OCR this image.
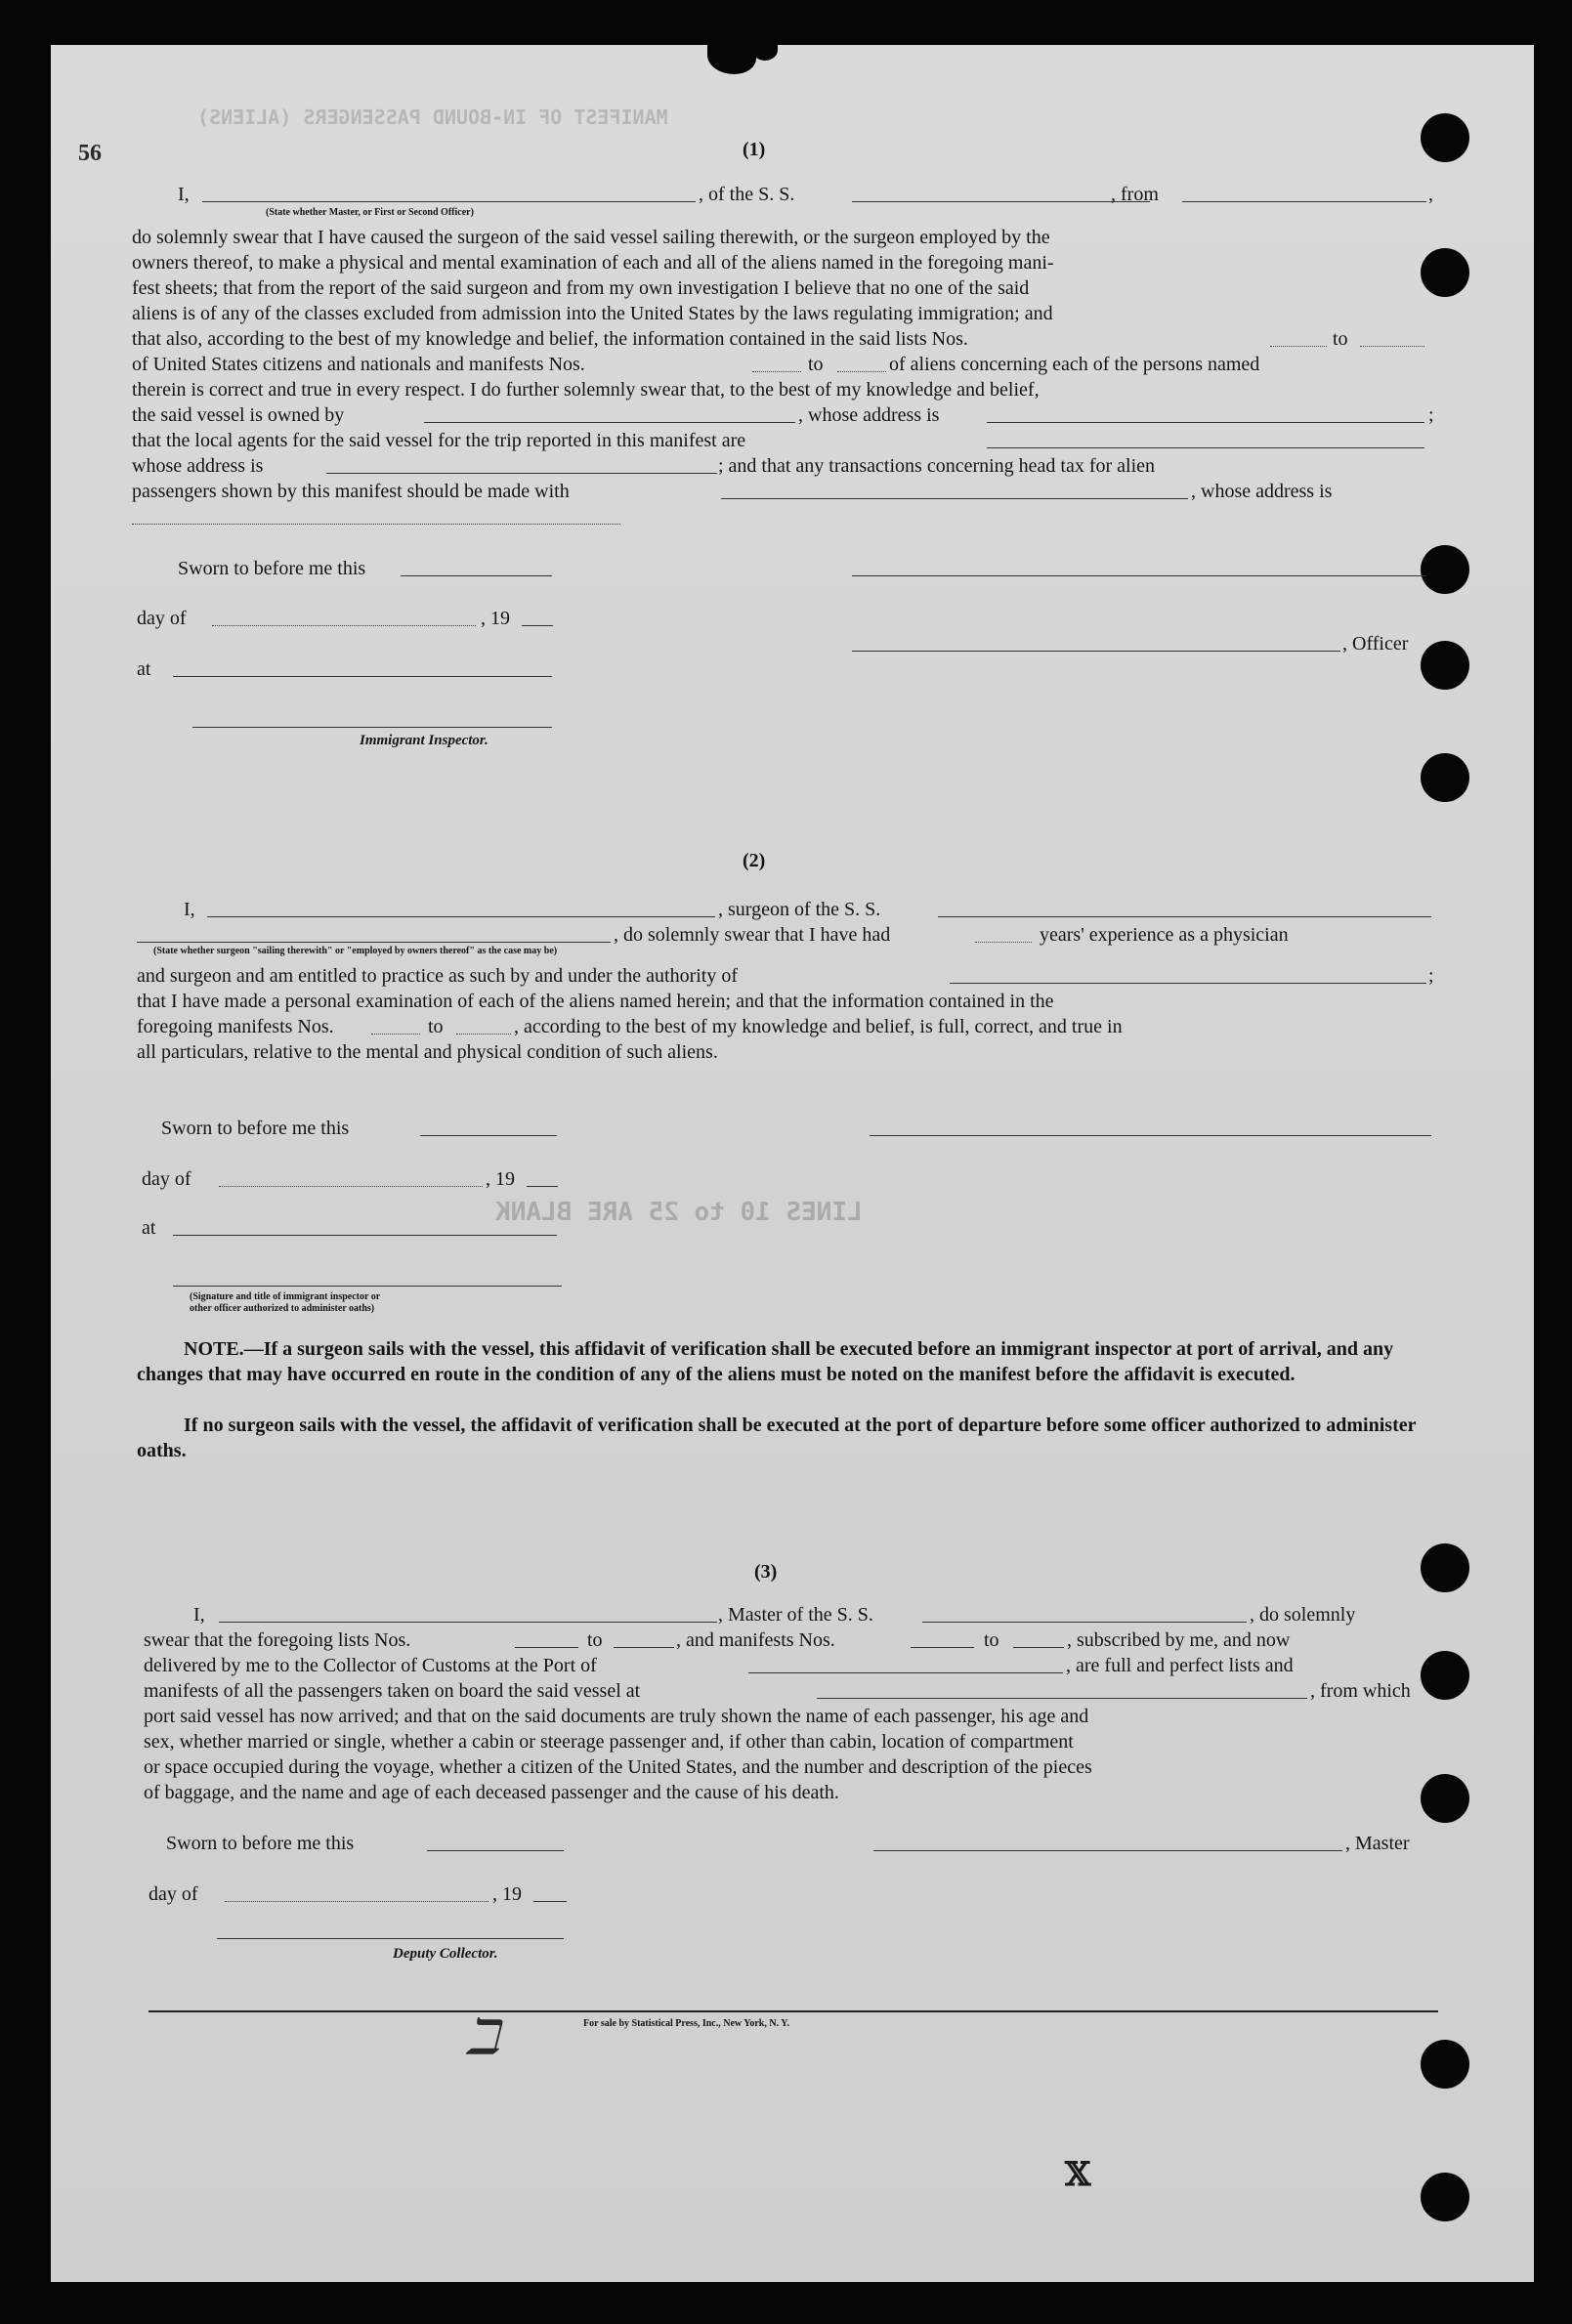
MANIFEST OF IN-BOUND PASSENGERS (ALIENS)
LINES 10 to 25 ARE BLANK
56	(1)
I,	, of the S. S.	, from	,
(State whether Master, or First or Second Officer)
do solemnly swear that I have caused the surgeon of the said vessel sailing therewith, or the surgeon employed by the
owners thereof, to make a physical and mental examination of each and all of the aliens named in the foregoing mani-
fest sheets; that from the report of the said surgeon and from my own investigation I believe that no one of the said
aliens is of any of the classes excluded from admission into the United States by the laws regulating immigration; and
that also, according to the best of my knowledge and belief, the information contained in the said lists Nos.	to
of United States citizens and nationals and manifests Nos.	to	of aliens concerning each of the persons named
therein is correct and true in every respect. I do further solemnly swear that, to the best of my knowledge and belief,
the said vessel is owned by	, whose address is	;
that the local agents for the said vessel for the trip reported in this manifest are
whose address is	; and that any transactions concerning head tax for alien
passengers shown by this manifest should be made with	, whose address is
Sworn to before me this
day of	, 19
, Officer
at
Immigrant Inspector.
(2)
I,	, surgeon of the S. S.
, do solemnly swear that I have had	years' experience as a physician
(State whether surgeon "sailing therewith" or "employed by owners thereof" as the case may be)
and surgeon and am entitled to practice as such by and under the authority of	;
that I have made a personal examination of each of the aliens named herein; and that the information contained in the
foregoing manifests Nos.	to	, according to the best of my knowledge and belief, is full, correct, and true in
all particulars, relative to the mental and physical condition of such aliens.
Sworn to before me this
day of	, 19
at
(Signature and title of immigrant inspector or
other officer authorized to administer oaths)
NOTE.—If a surgeon sails with the vessel, this affidavit of verification shall be executed before an immigrant inspector at port of arrival, and any changes that may have occurred en route in the condition of any of the aliens must be noted on the manifest before the affidavit is executed.
If no surgeon sails with the vessel, the affidavit of verification shall be executed at the port of departure before some officer authorized to administer oaths.
(3)
I,	, Master of the S. S.	, do solemnly
swear that the foregoing lists Nos.	to	, and manifests Nos.	to	, subscribed by me, and now
delivered by me to the Collector of Customs at the Port of	, are full and perfect lists and
manifests of all the passengers taken on board the said vessel at	, from which
port said vessel has now arrived; and that on the said documents are truly shown the name of each passenger, his age and
sex, whether married or single, whether a cabin or steerage passenger and, if other than cabin, location of compartment
or space occupied during the voyage, whether a citizen of the United States, and the number and description of the pieces
of baggage, and the name and age of each deceased passenger and the cause of his death.
Sworn to before me this	, Master
day of	, 19
Deputy Collector.
For sale by Statistical Press, Inc., New York, N. Y.
ℶ
𝕏
